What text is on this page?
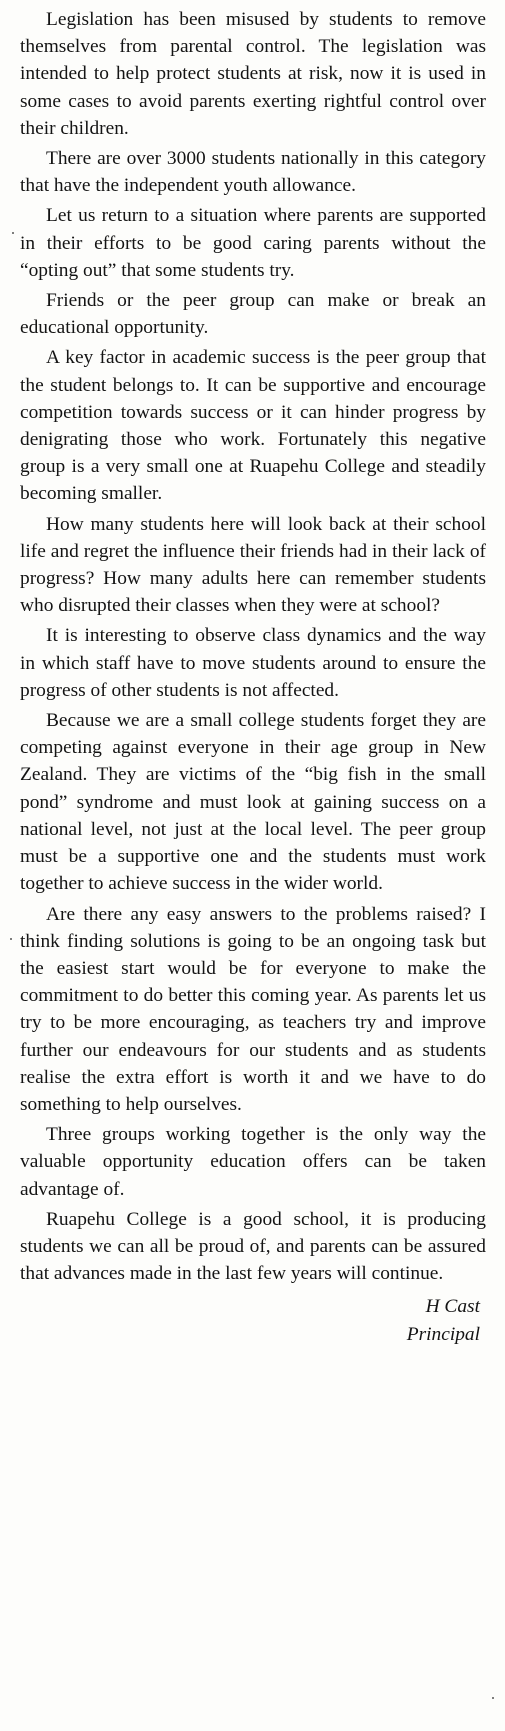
Legislation has been misused by students to remove themselves from parental control. The legislation was intended to help protect students at risk, now it is used in some cases to avoid parents exerting rightful control over their children.

There are over 3000 students nationally in this category that have the independent youth allowance.

Let us return to a situation where parents are supported in their efforts to be good caring parents without the “opting out” that some students try.

Friends or the peer group can make or break an educational opportunity.

A key factor in academic success is the peer group that the student belongs to. It can be supportive and encourage competition towards success or it can hinder progress by denigrating those who work. Fortunately this negative group is a very small one at Ruapehu College and steadily becoming smaller.

How many students here will look back at their school life and regret the influence their friends had in their lack of progress? How many adults here can remember students who disrupted their classes when they were at school?

It is interesting to observe class dynamics and the way in which staff have to move students around to ensure the progress of other students is not affected.

Because we are a small college students forget they are competing against everyone in their age group in New Zealand. They are victims of the “big fish in the small pond” syndrome and must look at gaining success on a national level, not just at the local level. The peer group must be a supportive one and the students must work together to achieve success in the wider world.

Are there any easy answers to the problems raised? I think finding solutions is going to be an ongoing task but the easiest start would be for everyone to make the commitment to do better this coming year. As parents let us try to be more encouraging, as teachers try and improve further our endeavours for our students and as students realise the extra effort is worth it and we have to do something to help ourselves.

Three groups working together is the only way the valuable opportunity education offers can be taken advantage of.

Ruapehu College is a good school, it is producing students we can all be proud of, and parents can be assured that advances made in the last few years will continue.

H Cast
Principal
